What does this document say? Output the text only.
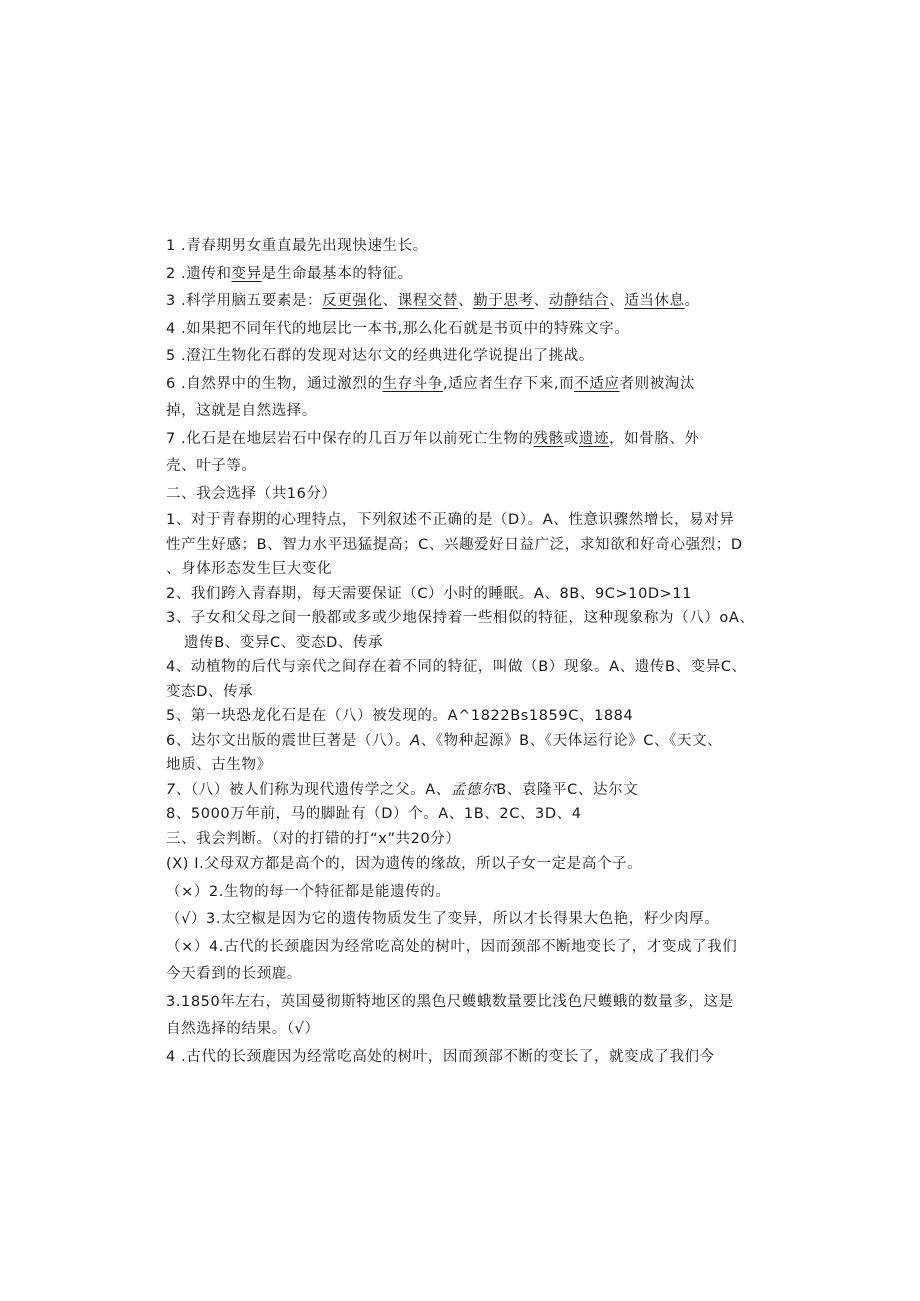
1 .青春期男女重直最先出现快速生长。
2 .遗传和变异是生命最基本的特征。
3 .科学用脑五要素是：反更强化、课程交替、勤于思考、动静结合、适当休息。
4 .如果把不同年代的地层比一本书,那么化石就是书页中的特殊文字。
5 .澄江生物化石群的发现对达尔文的经典进化学说提出了挑战。
6 .自然界中的生物，通过激烈的生存斗争,适应者生存下来,而不适应者则被淘汰
掉，这就是自然选择。
7 .化石是在地层岩石中保存的几百万年以前死亡生物的残骸或遗迹，如骨胳、外
壳、叶子等。
二、我会选择（共16分）
1、对于青春期的心理特点，下列叙述不正确的是（D）。A、性意识骤然增长，易对异
性产生好感；B、智力水平迅猛提高；C、兴趣爱好日益广泛，求知欲和好奇心强烈；D
、身体形态发生巨大变化
2、我们跨入青春期，每天需要保证（C）小时的睡眠。A、8B、9C>10D>11
3、子女和父母之间一般都或多或少地保持着一些相似的特征，这种现象称为（八）oA、
遗传B、变异C、变态D、传承
4、动植物的后代与亲代之间存在着不同的特征，叫做（B）现象。A、遗传B、变异C、
变态D、传承
5、第一块恐龙化石是在（八）被发现的。A^1822Bs1859C、1884
6、达尔文出版的震世巨著是（八）。A、《物种起源》B、《天体运行论》C、《天文、
地质、古生物》
7、（八）被人们称为现代遗传学之父。A、孟德尔B、袁隆平C、达尔文
8、5000万年前，马的脚趾有（D）个。A、1B、2C、3D、4
三、我会判断。（对的打错的打“x”共20分）
(X) I.父母双方都是高个的，因为遗传的缘故，所以子女一定是高个子。
（×）2.生物的每一个特征都是能遗传的。
（√）3.太空椒是因为它的遗传物质发生了变异，所以才长得果大色艳，籽少肉厚。
（×）4.古代的长颈鹿因为经常吃高处的树叶，因而颈部不断地变长了，才变成了我们
今天看到的长颈鹿。
3.1850年左右，英国曼彻斯特地区的黑色尺蠖蛾数量要比浅色尺蠖蛾的数量多，这是
自然选择的结果。（√）
4 .古代的长颈鹿因为经常吃高处的树叶，因而颈部不断的变长了，就变成了我们今
